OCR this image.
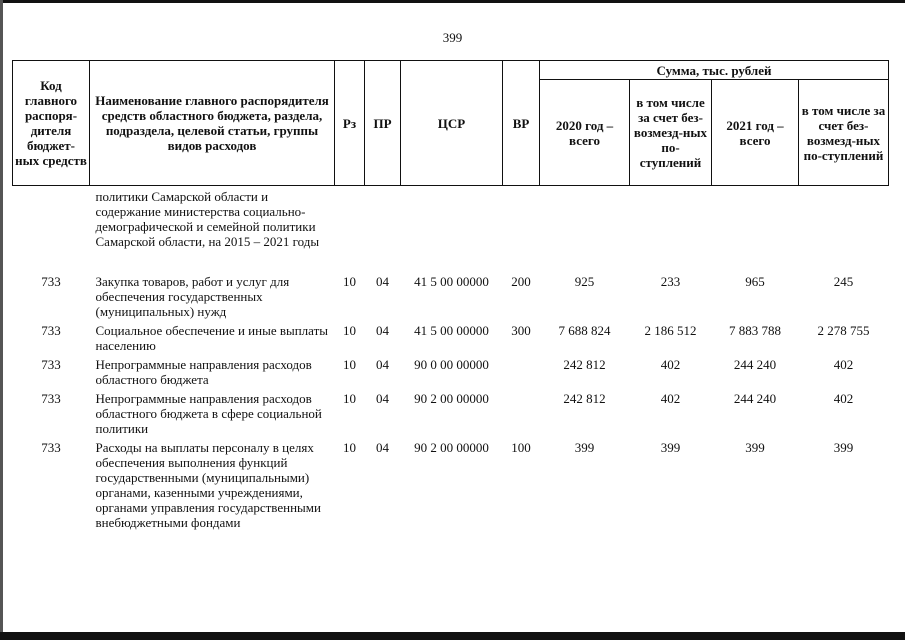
399
Код главного распоря-дителя бюджет-ных средств	Наименование главного распорядителя средств областного бюджета, раздела, подраздела, целевой статьи, группы видов расходов	Рз	ПР	ЦСР	ВР	Сумма, тыс. рублей			
						2020 год – всего	в том числе за счет без-возмезд-ных по-ступлений	2021 год – всего	в том числе за счет без-возмезд-ных по-ступлений
	политики Самарской области и содержание министерства социально-демографической и семейной политики Самарской области, на 2015 – 2021 годы								
733	Закупка товаров, работ и услуг для обеспечения государственных (муниципальных) нужд	10	04	41 5 00 00000	200	925	233	965	245
733	Социальное обеспечение и иные выплаты населению	10	04	41 5 00 00000	300	7 688 824	2 186 512	7 883 788	2 278 755
733	Непрограммные направления расходов областного бюджета	10	04	90 0 00 00000		242 812	402	244 240	402
733	Непрограммные направления расходов областного бюджета в сфере социальной политики	10	04	90 2 00 00000		242 812	402	244 240	402
733	Расходы на выплаты персоналу в целях обеспечения выполнения функций государственными (муниципальными) органами, казенными учреждениями, органами управления государственными внебюджетными фондами	10	04	90 2 00 00000	100	399	399	399	399
